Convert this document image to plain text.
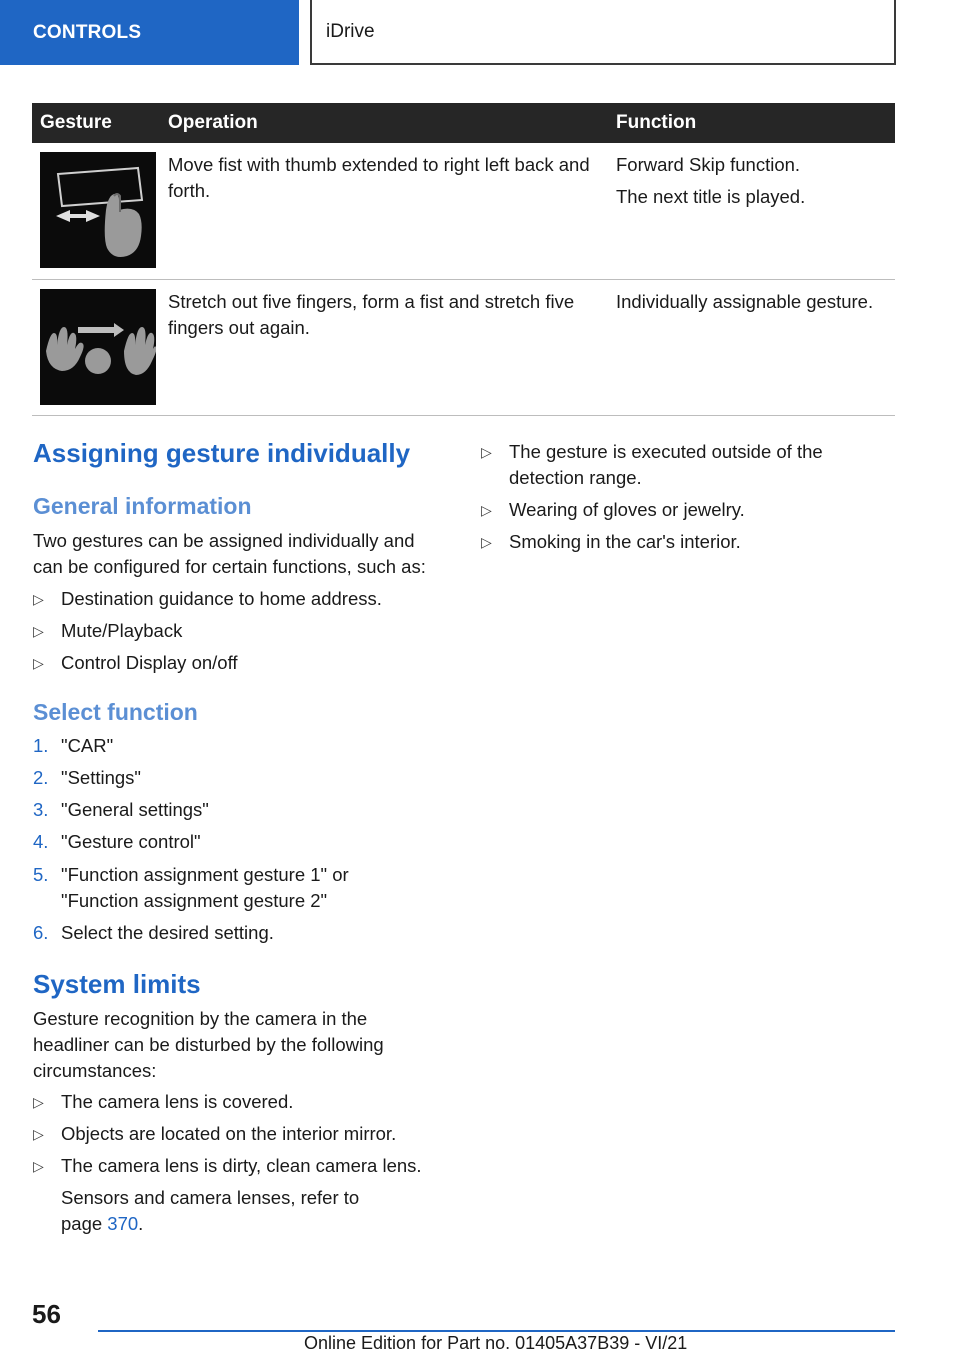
CONTROLS	iDrive
Gesture	Operation	Function

Move fist with thumb extended to right left back and forth.	Forward Skip function.

The next title is played.

Stretch out five fingers, form a fist and stretch five fingers out again.	Individually assignable gesture.

Assigning gesture individually
General information

Two gestures can be assigned individually and can be configured for certain functions, such as:

▷ Destination guidance to home address.
▷ Mute/Playback
▷ Control Display on/off
Select function
1. "CAR"
2. "Settings"
3. "General settings"
4. "Gesture control"
5. "Function assignment gesture 1" or "Function assignment gesture 2"
6. Select the desired setting.
System limits

Gesture recognition by the camera in the headliner can be disturbed by the following circumstances:

▷ The camera lens is covered.
▷ Objects are located on the interior mirror.
▷ The camera lens is dirty, clean camera lens.
Sensors and camera lenses, refer to page 370.
▷ The gesture is executed outside of the detection range.
▷ Wearing of gloves or jewelry.
▷ Smoking in the car's interior.
56
Online Edition for Part no. 01405A37B39 - VI/21
